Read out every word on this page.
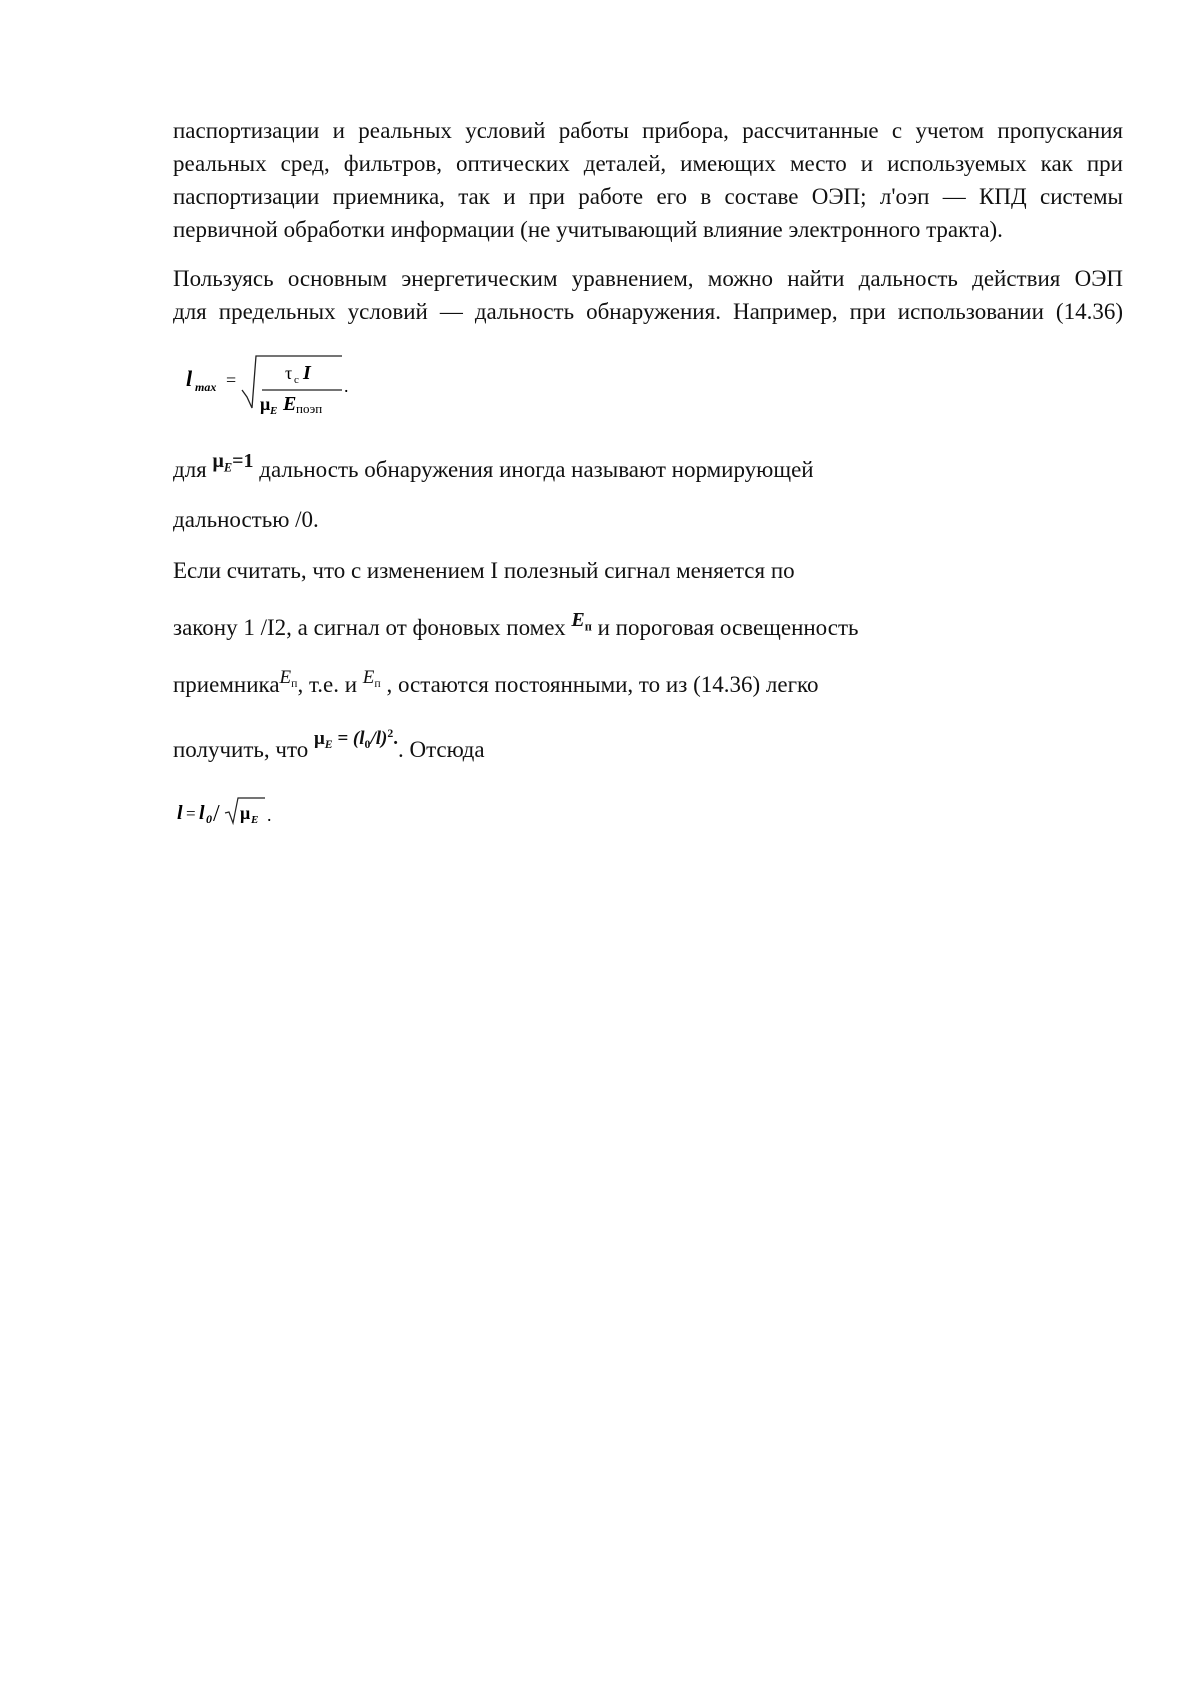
паспортизации и реальных условий работы прибора, рассчитанные с учетом пропускания
реальных сред, фильтров, оптических деталей, имеющих место и используемых как при
паспортизации приемника, так и при работе его в составе ОЭП; л'оэп — КПД системы
первичной обработки информации (не учитывающий влияние электронного тракта).
Пользуясь основным энергетическим уравнением, можно найти дальность действия ОЭП
для предельных условий — дальность обнаружения. Например, при использовании (14.36)
l max =	τ c I
μ E E поэп
.
для $\mu_E=1$ дальность обнаружения иногда называют нормирующей
дальностью /0.
Если считать, что с изменением I полезный сигнал меняется по
закону 1 /I2, а сигнал от фоновых помех $E_п$ и пороговая освещенность
приемника$^{E_п}$, т.е. и $^{E_п}$ , остаются постоянными, то из (14.36) легко
получить, что $^{\mu_E = (l_0/l)^2.}$. Отсюда
l = l 0 / μ E .
